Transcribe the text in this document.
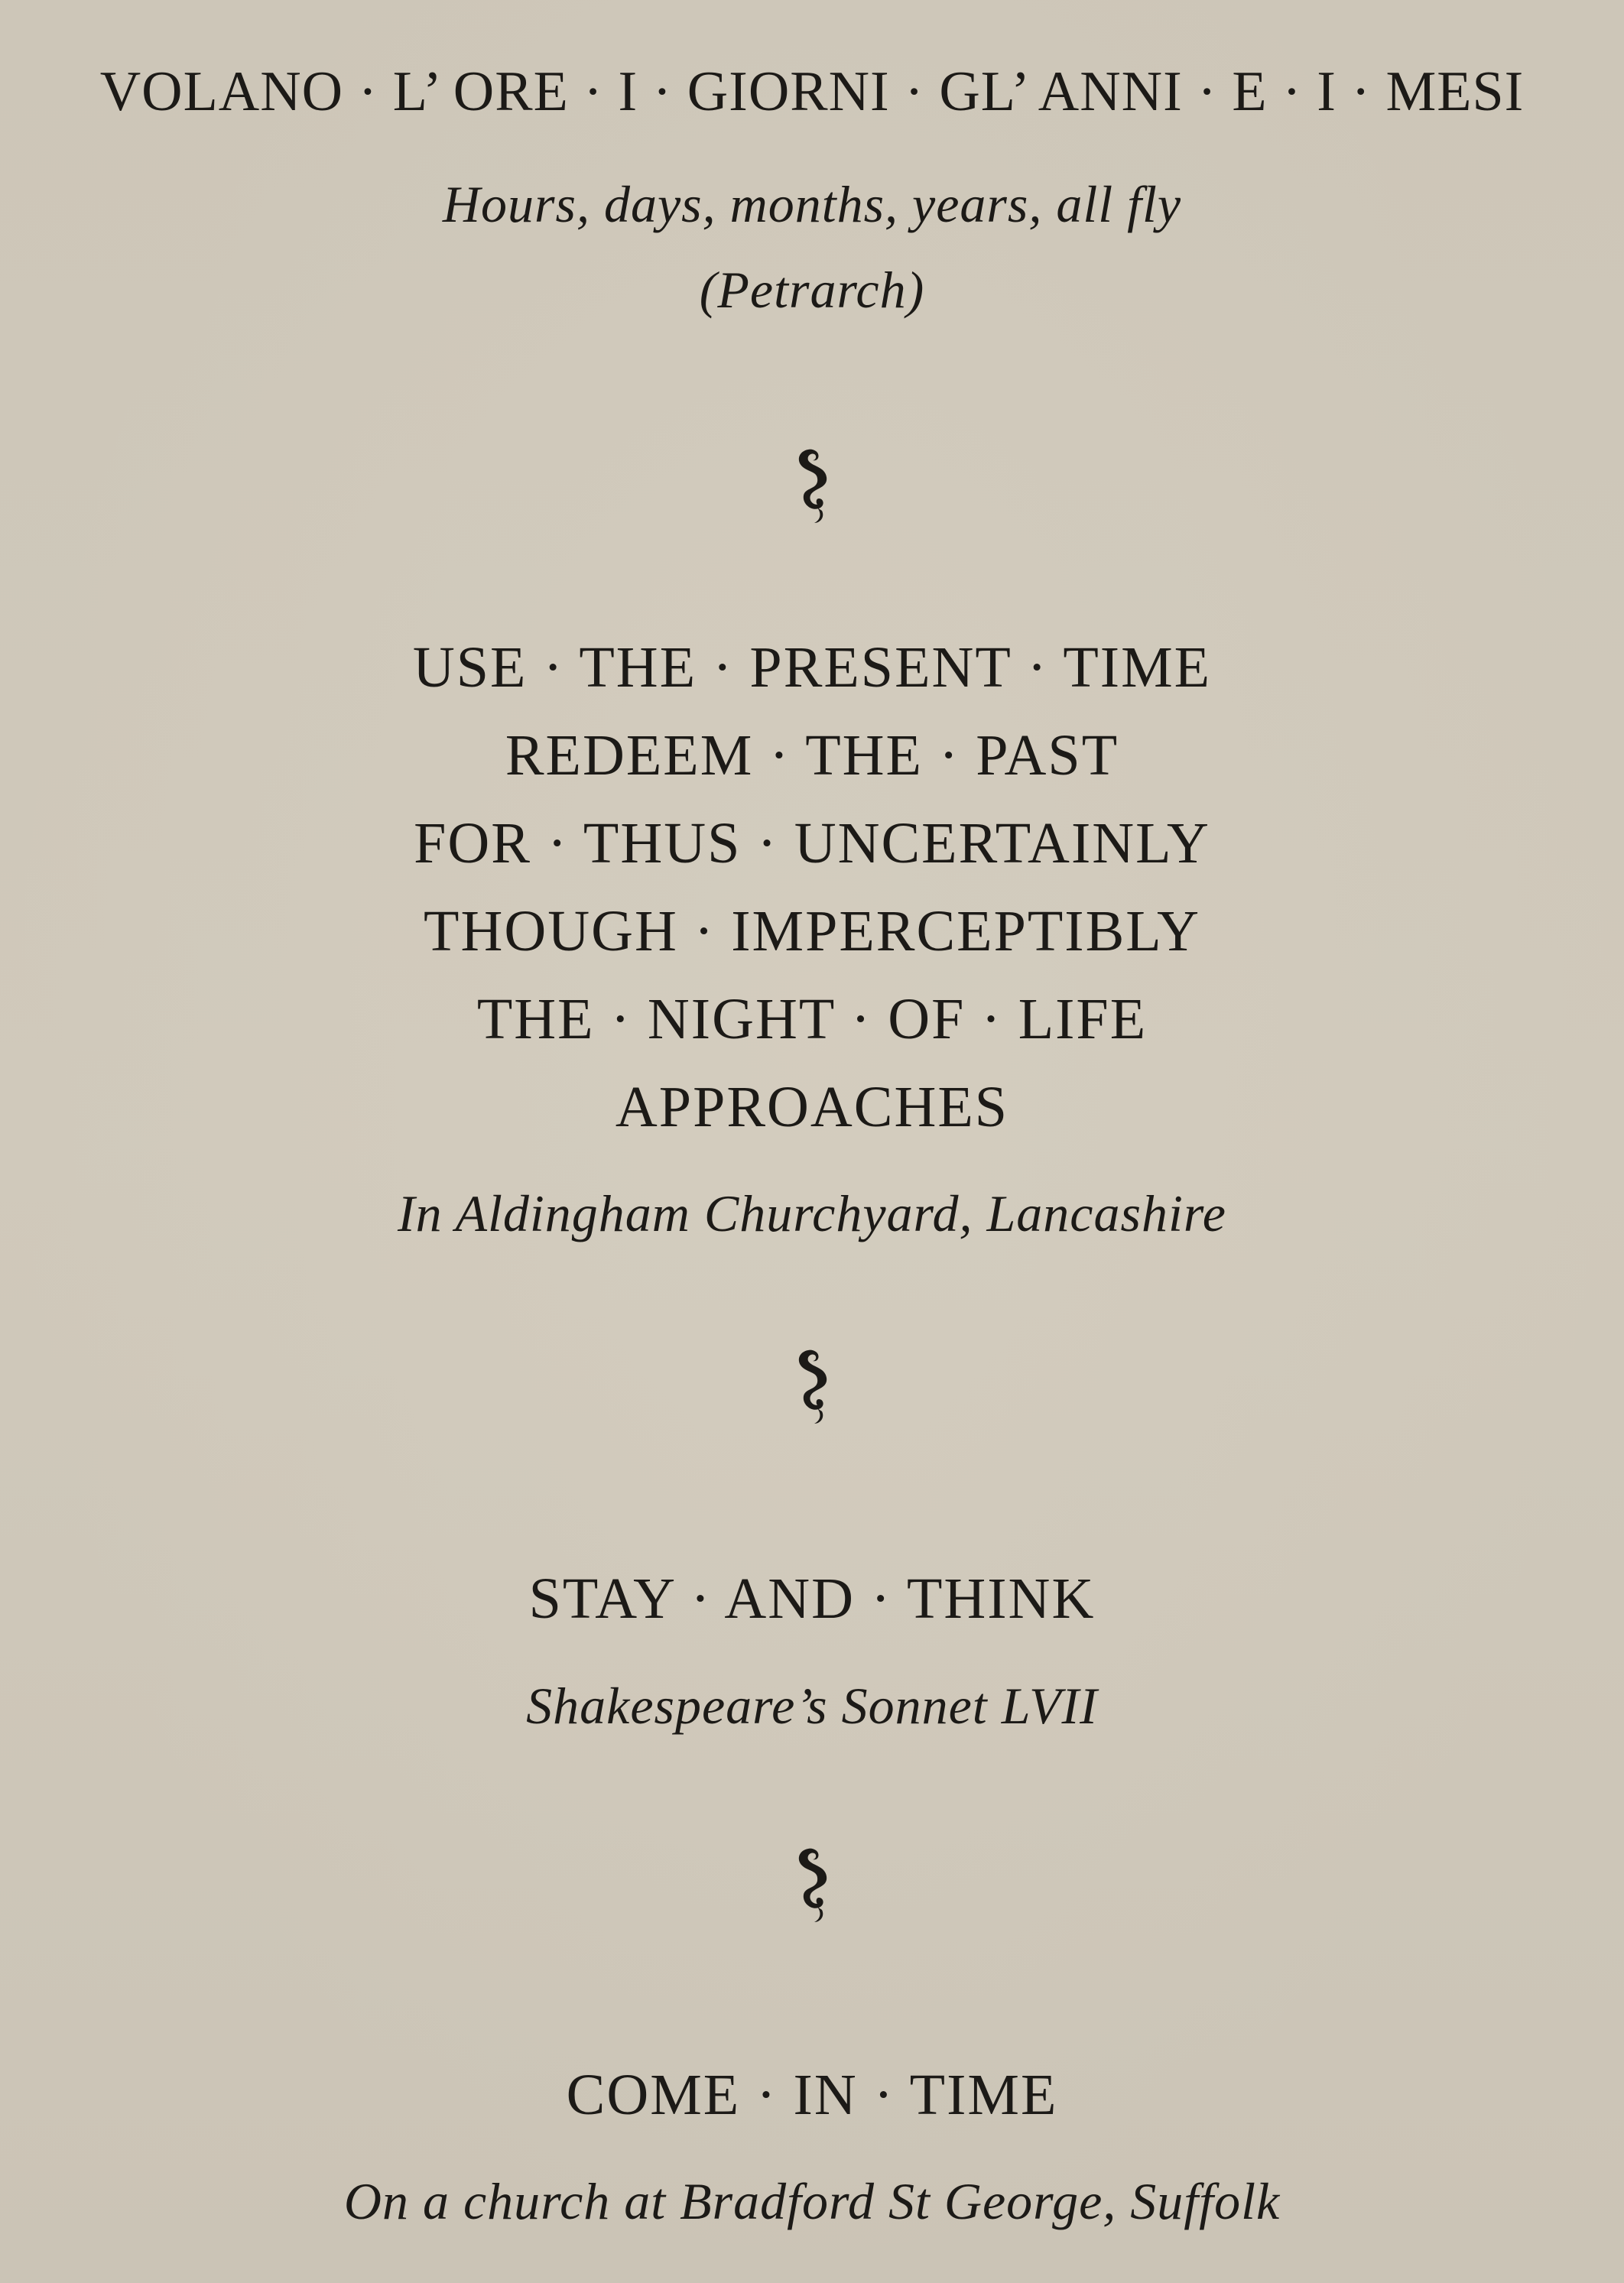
VOLANO · L’ ORE · I · GIORNI · GL’ ANNI · E · I · MESI
Hours, days, months, years, all fly
(Petrarch)
USE · THE · PRESENT · TIME
REDEEM · THE · PAST
FOR · THUS · UNCERTAINLY
THOUGH · IMPERCEPTIBLY
THE · NIGHT · OF · LIFE
APPROACHES
In Aldingham Churchyard, Lancashire
STAY · AND · THINK
Shakespeare’s Sonnet LVII
COME · IN · TIME
On a church at Bradford St George, Suffolk
